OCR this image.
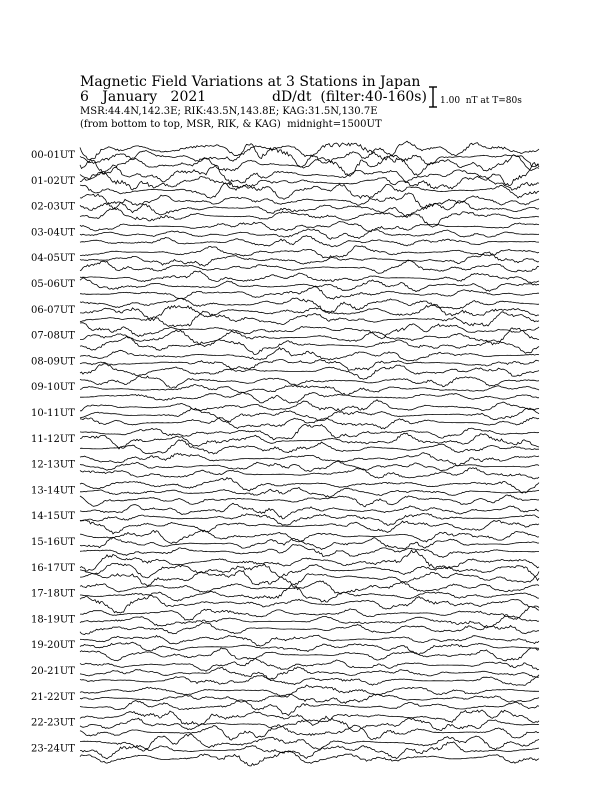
Magnetic Field Variations at 3 Stations in Japan
6   January   2021	dD/dt  (filter:40-160s)
MSR:44.4N,142.3E; RIK:43.5N,143.8E; KAG:31.5N,130.7E
(from bottom to top, MSR, RIK, & KAG)  midnight=1500UT
1.00  nT at T=80s
00-01UT
01-02UT
02-03UT
03-04UT
04-05UT
05-06UT
06-07UT
07-08UT
08-09UT
09-10UT
10-11UT
11-12UT
12-13UT
13-14UT
14-15UT
15-16UT
16-17UT
17-18UT
18-19UT
19-20UT
20-21UT
21-22UT
22-23UT
23-24UT
